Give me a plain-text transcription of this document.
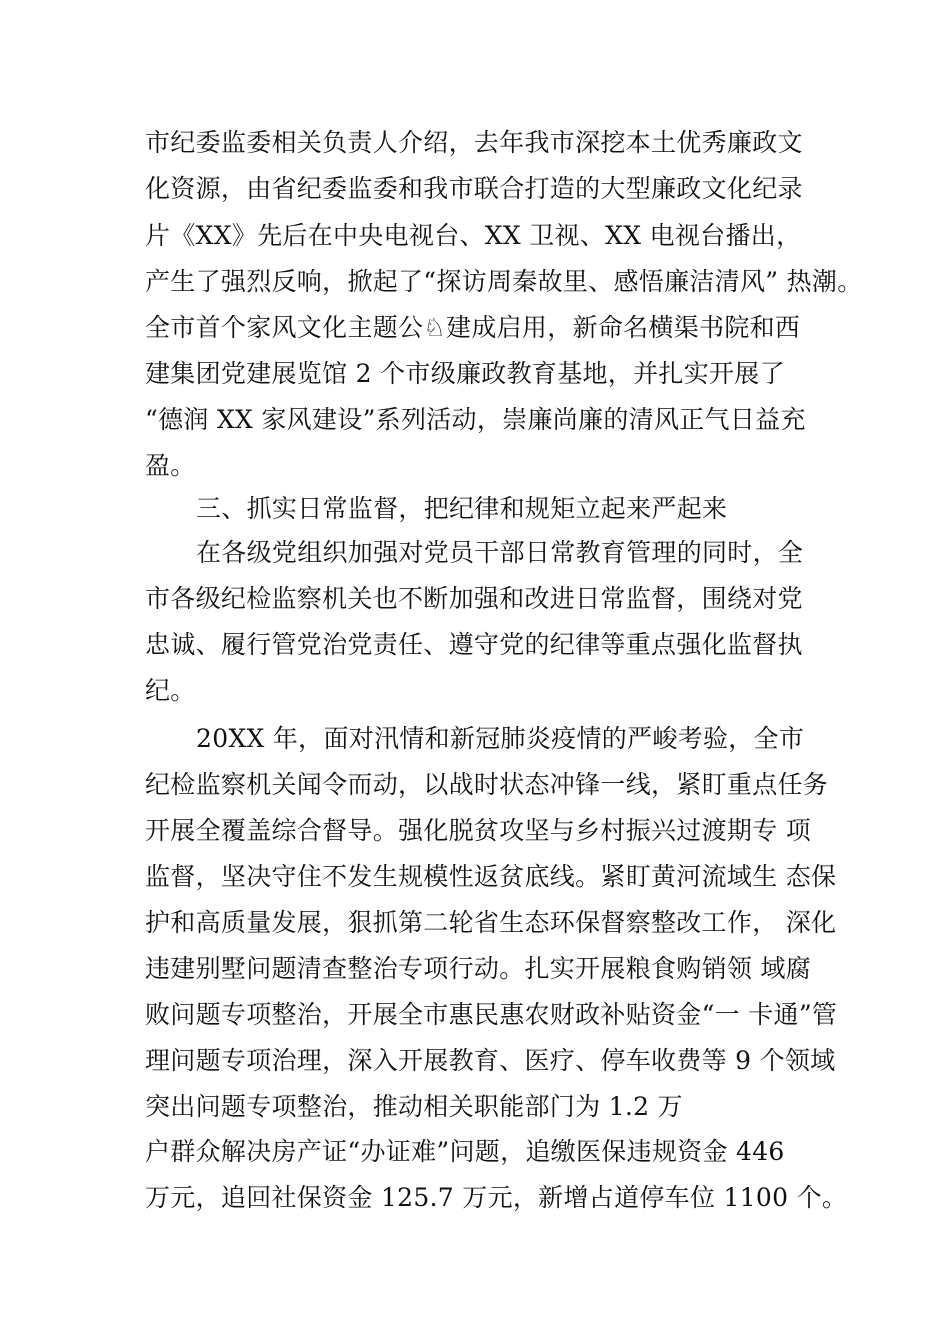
市纪委监委相关负责人介绍，去年我市深挖本土优秀廉政文
化资源，由省纪委监委和我市联合打造的大型廉政文化纪录
片《XX》先后在中央电视台、XX 卫视、XX 电视台播出，
产生了强烈反响，掀起了“探访周秦故里、感悟廉洁清风” 热潮。
全市首个家风文化主题公♘建成启用，新命名横渠书院和西
建集团党建展览馆 2 个市级廉政教育基地，并扎实开展了
“德润 XX 家风建设”系列活动，崇廉尚廉的清风正气日益充
盈。
三、抓实日常监督，把纪律和规矩立起来严起来
在各级党组织加强对党员干部日常教育管理的同时，全
市各级纪检监察机关也不断加强和改进日常监督，围绕对党
忠诚、履行管党治党责任、遵守党的纪律等重点强化监督执
纪。
20XX 年，面对汛情和新冠肺炎疫情的严峻考验，全市
纪检监察机关闻令而动，以战时状态冲锋一线，紧盯重点任务
开展全覆盖综合督导。强化脱贫攻坚与乡村振兴过渡期专 项
监督，坚决守住不发生规模性返贫底线。紧盯黄河流域生 态保
护和高质量发展，狠抓第二轮省生态环保督察整改工作， 深化
违建别墅问题清查整治专项行动。扎实开展粮食购销领 域腐
败问题专项整治，开展全市惠民惠农财政补贴资金“一 卡通”管
理问题专项治理，深入开展教育、医疗、停车收费等 9 个领域
突出问题专项整治，推动相关职能部门为 1.2 万
户群众解决房产证“办证难”问题，追缴医保违规资金 446
万元，追回社保资金 125.7 万元，新增占道停车位 1100 个。
